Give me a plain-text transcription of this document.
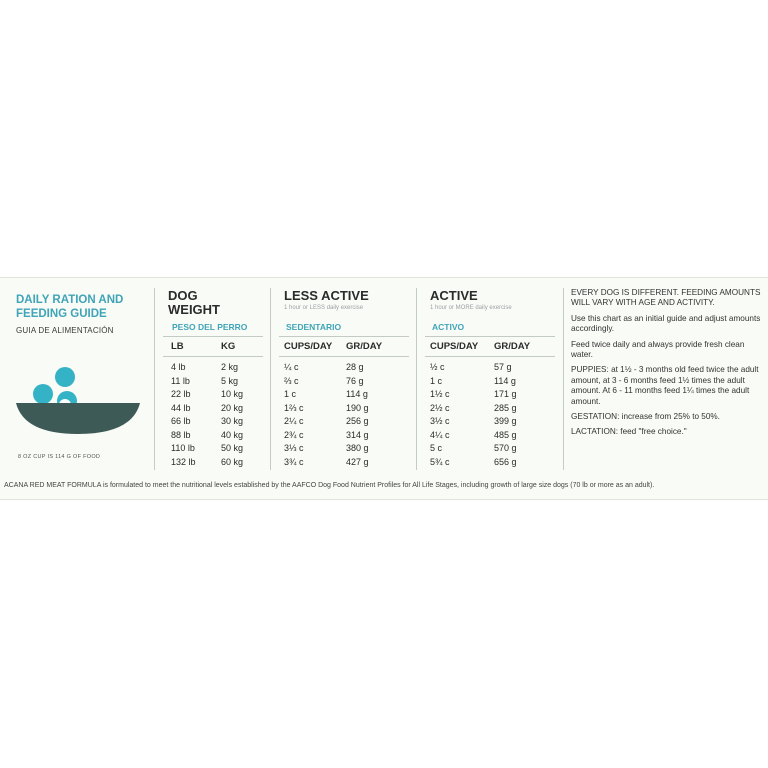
DAILY RATION AND FEEDING GUIDE
GUIA DE ALIMENTACIÓN
8 OZ CUP IS 114 G OF FOOD
DOG
WEIGHT
PESO DEL PERRO
LESS ACTIVE
1 hour or LESS daily exercise
SEDENTARIO
ACTIVE
1 hour or MORE daily exercise
ACTIVO
LB	KG	CUPS/DAY GR/DAY	CUPS/DAY GR/DAY
4 lb	2 kg	¼ c	28 g	½ c	57 g
11 lb	5 kg	⅔ c	76 g	1 c	114 g
22 lb	10 kg	1 c	114 g	1½ c	171 g
44 lb	20 kg	1⅔ c	190 g	2½ c	285 g
66 lb	30 kg	2¼ c	256 g	3½ c	399 g
88 lb	40 kg	2¾ c	314 g	4¼ c	485 g
110 lb	50 kg	3⅓ c	380 g	5 c	570 g
132 lb	60 kg	3¾ c	427 g	5¾ c	656 g

EVERY DOG IS DIFFERENT. FEEDING AMOUNTS WILL VARY WITH AGE AND ACTIVITY.

Use this chart as an initial guide and adjust amounts accordingly.

Feed twice daily and always provide fresh clean water.

PUPPIES: at 1½ - 3 months old feed twice the adult amount, at 3 - 6 months feed 1½ times the adult amount. At 6 - 11 months feed 1¼ times the adult amount.

GESTATION: increase from 25% to 50%.

LACTATION: feed "free choice."

ACANA RED MEAT FORMULA is formulated to meet the nutritional levels established by the AAFCO Dog Food Nutrient Profiles for All Life Stages, including growth of large size dogs (70 lb or more as an adult).
